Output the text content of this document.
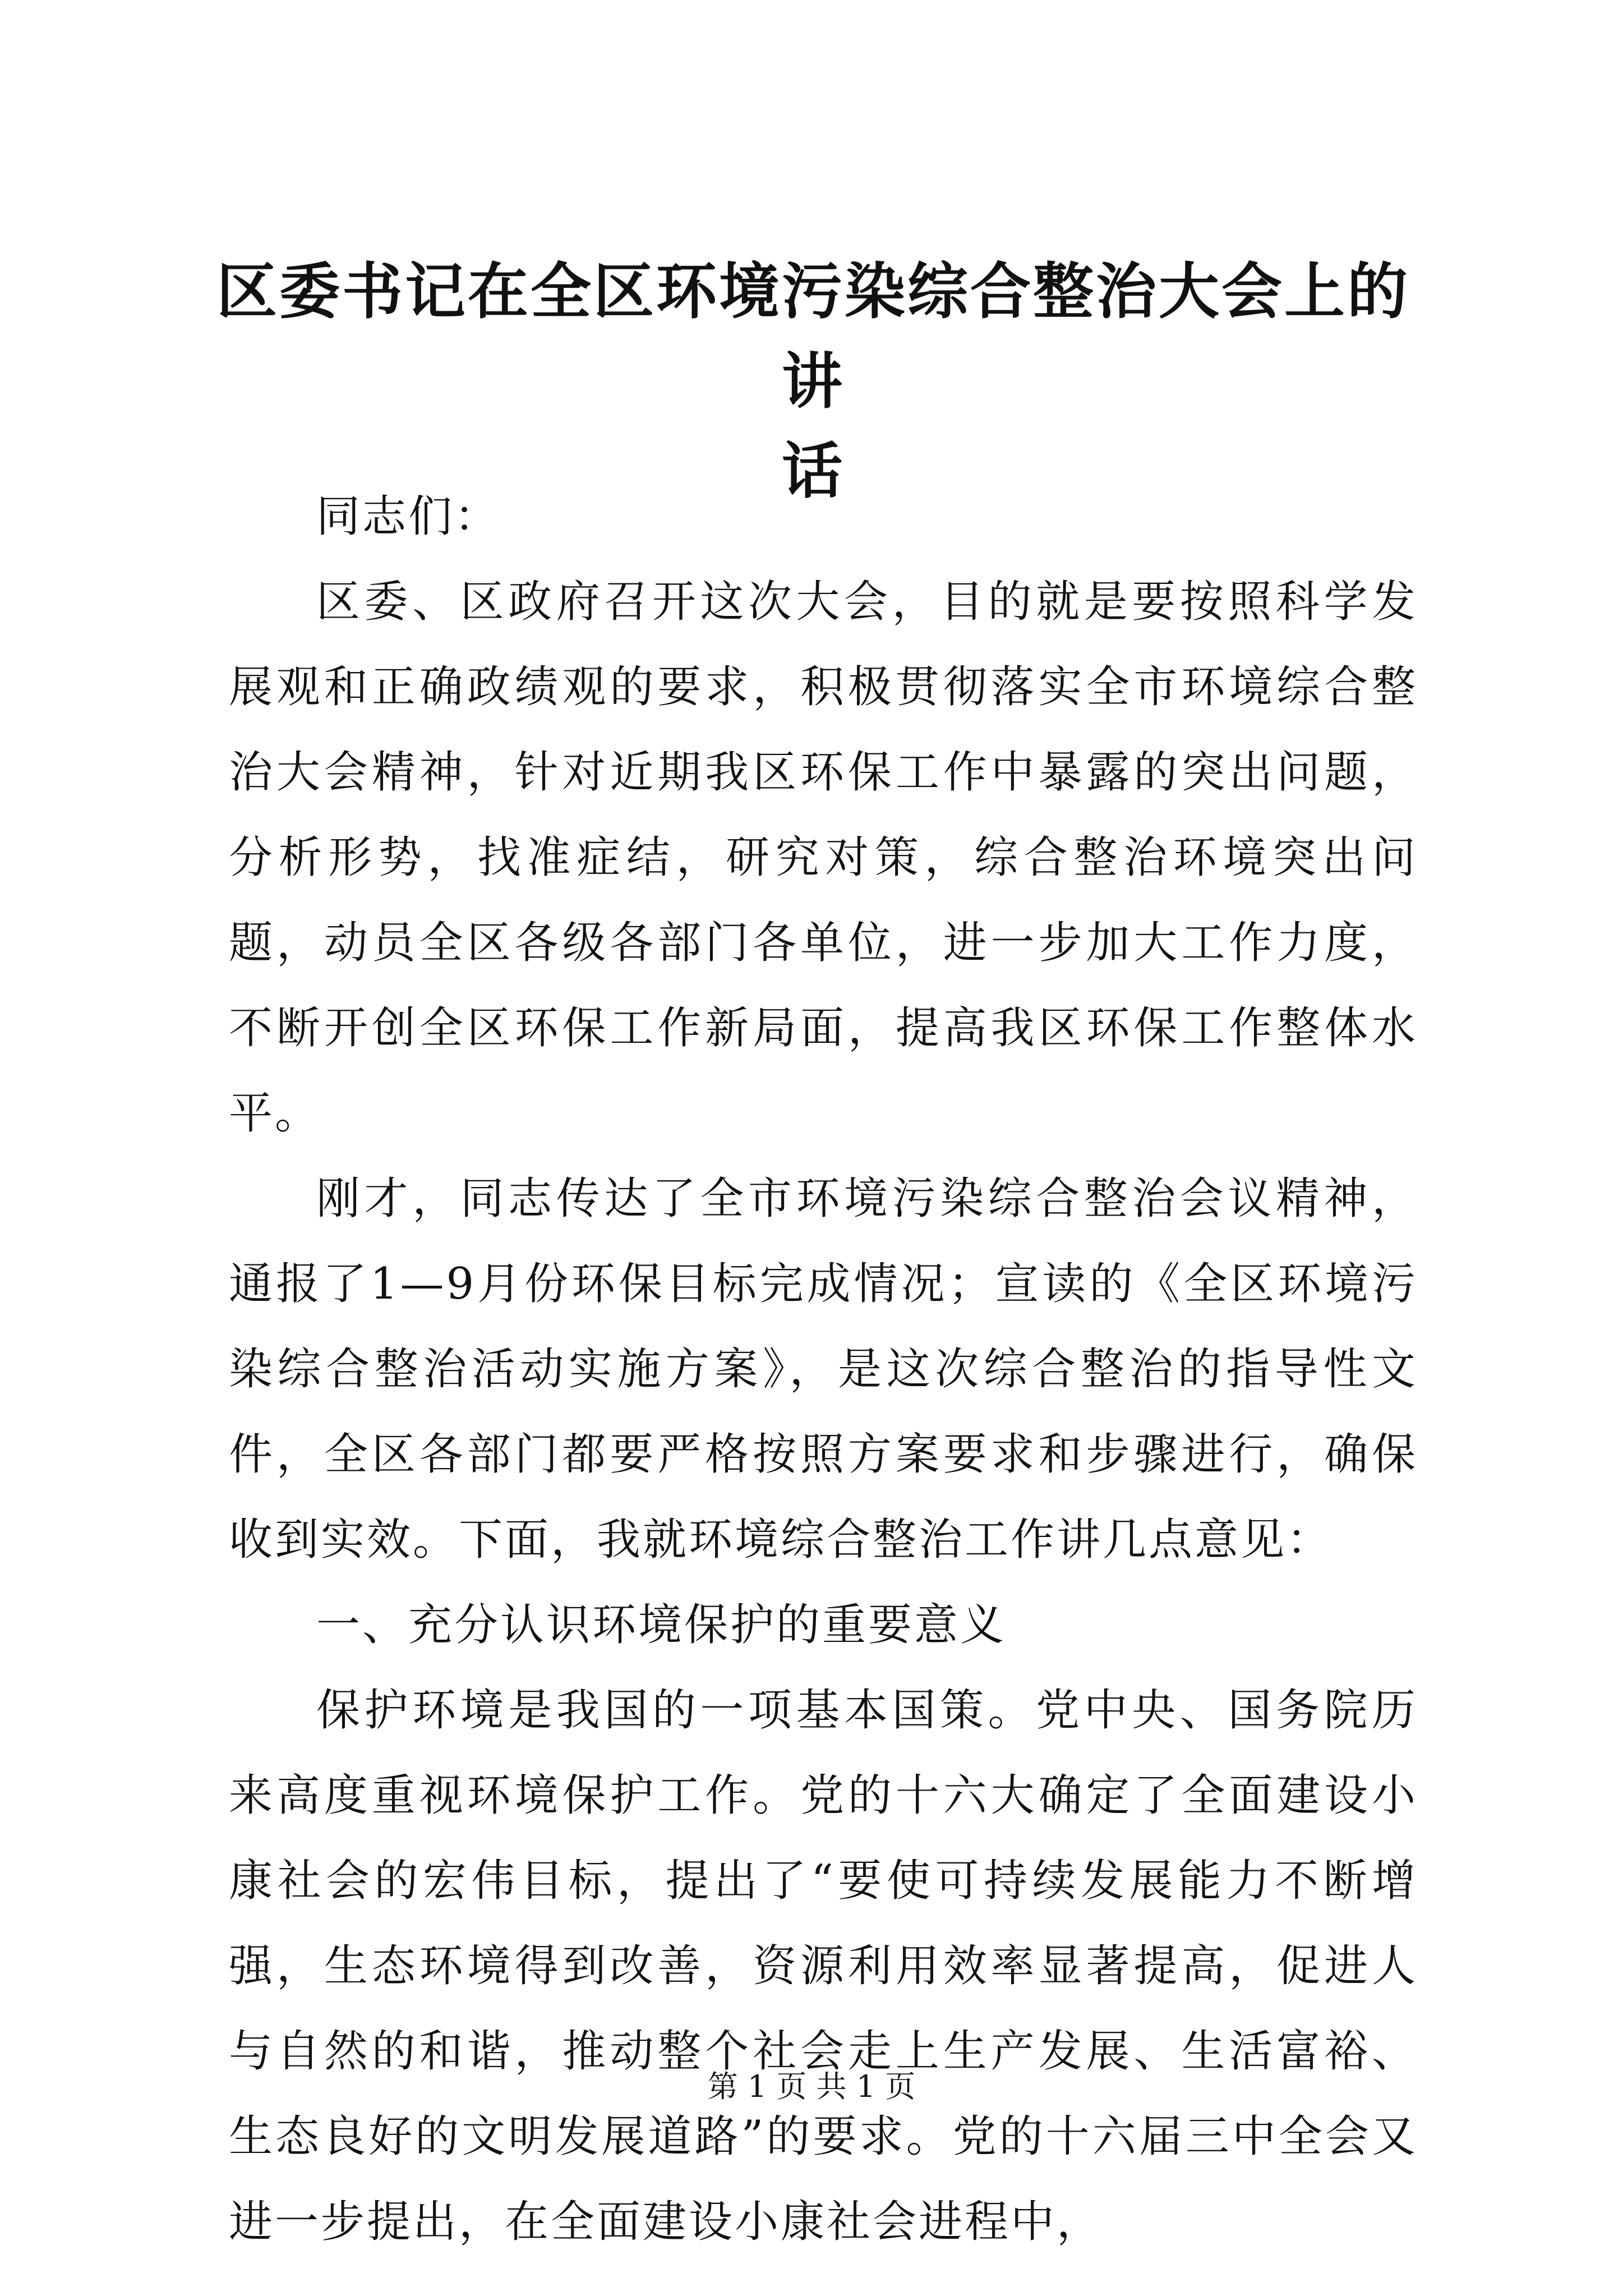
区委书记在全区环境污染综合整治大会上的讲
话

同志们：

区委、区政府召开这次大会，目的就是要按照科学发展观和正确政绩观的要求，积极贯彻落实全市环境综合整治大会精神，针对近期我区环保工作中暴露的突出问题，分析形势，找准症结，研究对策，综合整治环境突出问题，动员全区各级各部门各单位，进一步加大工作力度，不断开创全区环保工作新局面，提高我区环保工作整体水平。

刚才，同志传达了全市环境污染综合整治会议精神，通报了1—9月份环保目标完成情况；宣读的《全区环境污染综合整治活动实施方案》，是这次综合整治的指导性文件，全区各部门都要严格按照方案要求和步骤进行，确保收到实效。下面，我就环境综合整治工作讲几点意见：

一、充分认识环境保护的重要意义

保护环境是我国的一项基本国策。党中央、国务院历来高度重视环境保护工作。党的十六大确定了全面建设小康社会的宏伟目标，提出了“要使可持续发展能力不断增强，生态环境得到改善，资源利用效率显著提高，促进人与自然的和谐，推动整个社会走上生产发展、生活富裕、生态良好的文明发展道路”的要求。党的十六届三中全会又进一步提出，在全面建设小康社会进程中，

第 1 页 共 1 页
